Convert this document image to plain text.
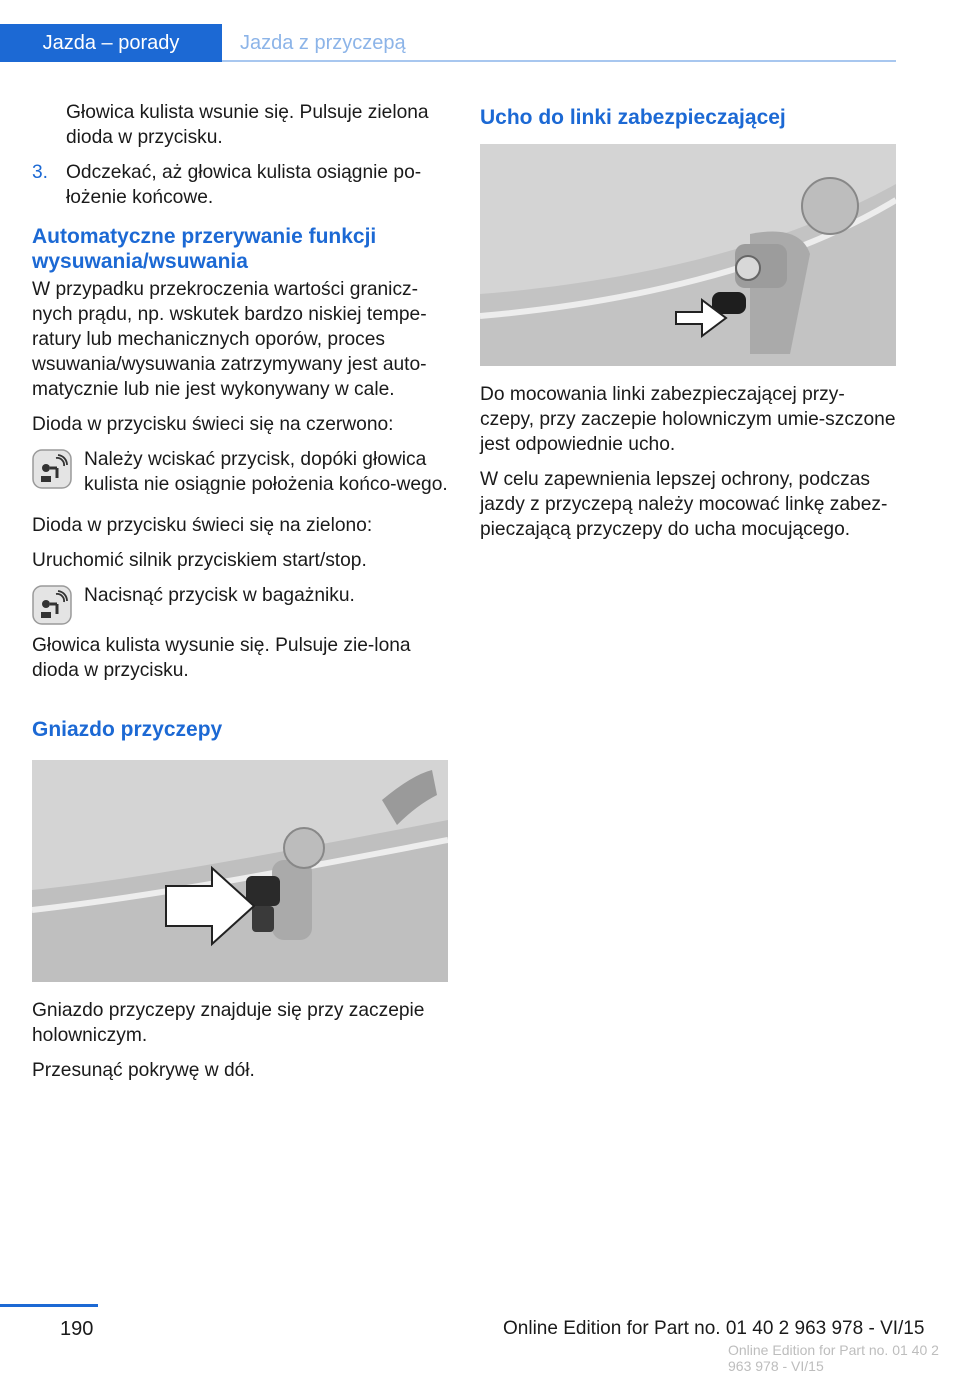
Jazda – porady	Jazda z przyczepą

Głowica kulista wsunie się. Pulsuje zielona dioda w przycisku.

3. Odczekać, aż głowica kulista osiągnie po‐łożenie końcowe.
Automatyczne przerywanie funkcji wysuwania/wsuwania

W przypadku przekroczenia wartości granicz‐nych prądu, np. wskutek bardzo niskiej tempe‐ratury lub mechanicznych oporów, proces wsuwania/wysuwania zatrzymywany jest auto‐matycznie lub nie jest wykonywany w cale.

Dioda w przycisku świeci się na czerwono:

Należy wciskać przycisk, dopóki głowica kulista nie osiągnie położenia końco‐wego.

Dioda w przycisku świeci się na zielono:

Uruchomić silnik przyciskiem start/stop.

Nacisnąć przycisk w bagażniku.
Głowica kulista wysunie się. Pulsuje zie‐lona dioda w przycisku.
Gniazdo przyczepy

Gniazdo przyczepy znajduje się przy zaczepie holowniczym.

Przesunąć pokrywę w dół.

Ucho do linki zabezpieczającej

Do mocowania linki zabezpieczającej przy‐czepy, przy zaczepie holowniczym umie‐szczone jest odpowiednie ucho.

W celu zapewnienia lepszej ochrony, podczas jazdy z przyczepą należy mocować linkę zabez‐pieczającą przyczepy do ucha mocującego.

190	Online Edition for Part no. 01 40 2 963 978 - VI/15
Online Edition for Part no. 01 40 2 963 978 - VI/15
